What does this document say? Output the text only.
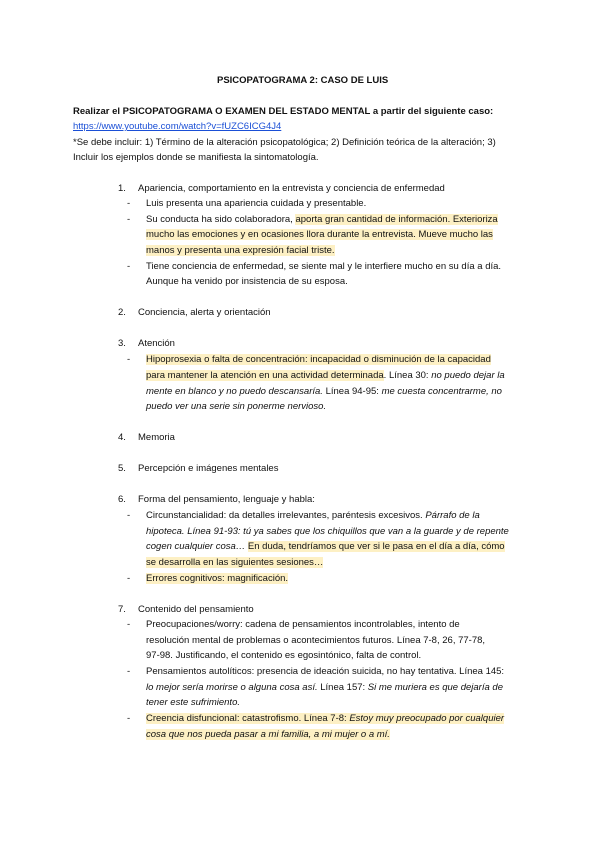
PSICOPATOGRAMA 2: CASO DE LUIS
Realizar el PSICOPATOGRAMA O EXAMEN DEL ESTADO MENTAL a partir del siguiente caso:
https://www.youtube.com/watch?v=fUZC6ICG4J4
*Se debe incluir: 1) Término de la alteración psicopatológica; 2) Definición teórica de la alteración; 3)
Incluir los ejemplos donde se manifiesta la sintomatología.
1. Apariencia, comportamiento en la entrevista y conciencia de enfermedad
- Luis presenta una apariencia cuidada y presentable.
- Su conducta ha sido colaboradora, aporta gran cantidad de información. Exterioriza
mucho las emociones y en ocasiones llora durante la entrevista. Mueve mucho las
manos y presenta una expresión facial triste.
- Tiene conciencia de enfermedad, se siente mal y le interfiere mucho en su día a día.
Aunque ha venido por insistencia de su esposa.
2. Conciencia, alerta y orientación
3. Atención
- Hipoprosexia o falta de concentración: incapacidad o disminución de la capacidad
para mantener la atención en una actividad determinada. Línea 30: no puedo dejar la
mente en blanco y no puedo descansaría. Línea 94-95: me cuesta concentrarme, no
puedo ver una serie sin ponerme nervioso.
4. Memoria
5. Percepción e imágenes mentales
6. Forma del pensamiento, lenguaje y habla:
- Circunstancialidad: da detalles irrelevantes, paréntesis excesivos. Párrafo de la
hipoteca. Línea 91-93: tú ya sabes que los chiquillos que van a la guarde y de repente
cogen cualquier cosa… En duda, tendríamos que ver si le pasa en el día a día, cómo
se desarrolla en las siguientes sesiones…
- Errores cognitivos: magnificación.
7. Contenido del pensamiento
- Preocupaciones/worry: cadena de pensamientos incontrolables, intento de
resolución mental de problemas o acontecimientos futuros. Línea 7-8, 26, 77-78,
97-98. Justificando, el contenido es egosintónico, falta de control.
- Pensamientos autolíticos: presencia de ideación suicida, no hay tentativa. Línea 145:
lo mejor sería morirse o alguna cosa así. Línea 157: Si me muriera es que dejaría de
tener este sufrimiento.
- Creencia disfuncional: catastrofismo. Línea 7-8: Estoy muy preocupado por cualquier
cosa que nos pueda pasar a mi familia, a mi mujer o a mí.
